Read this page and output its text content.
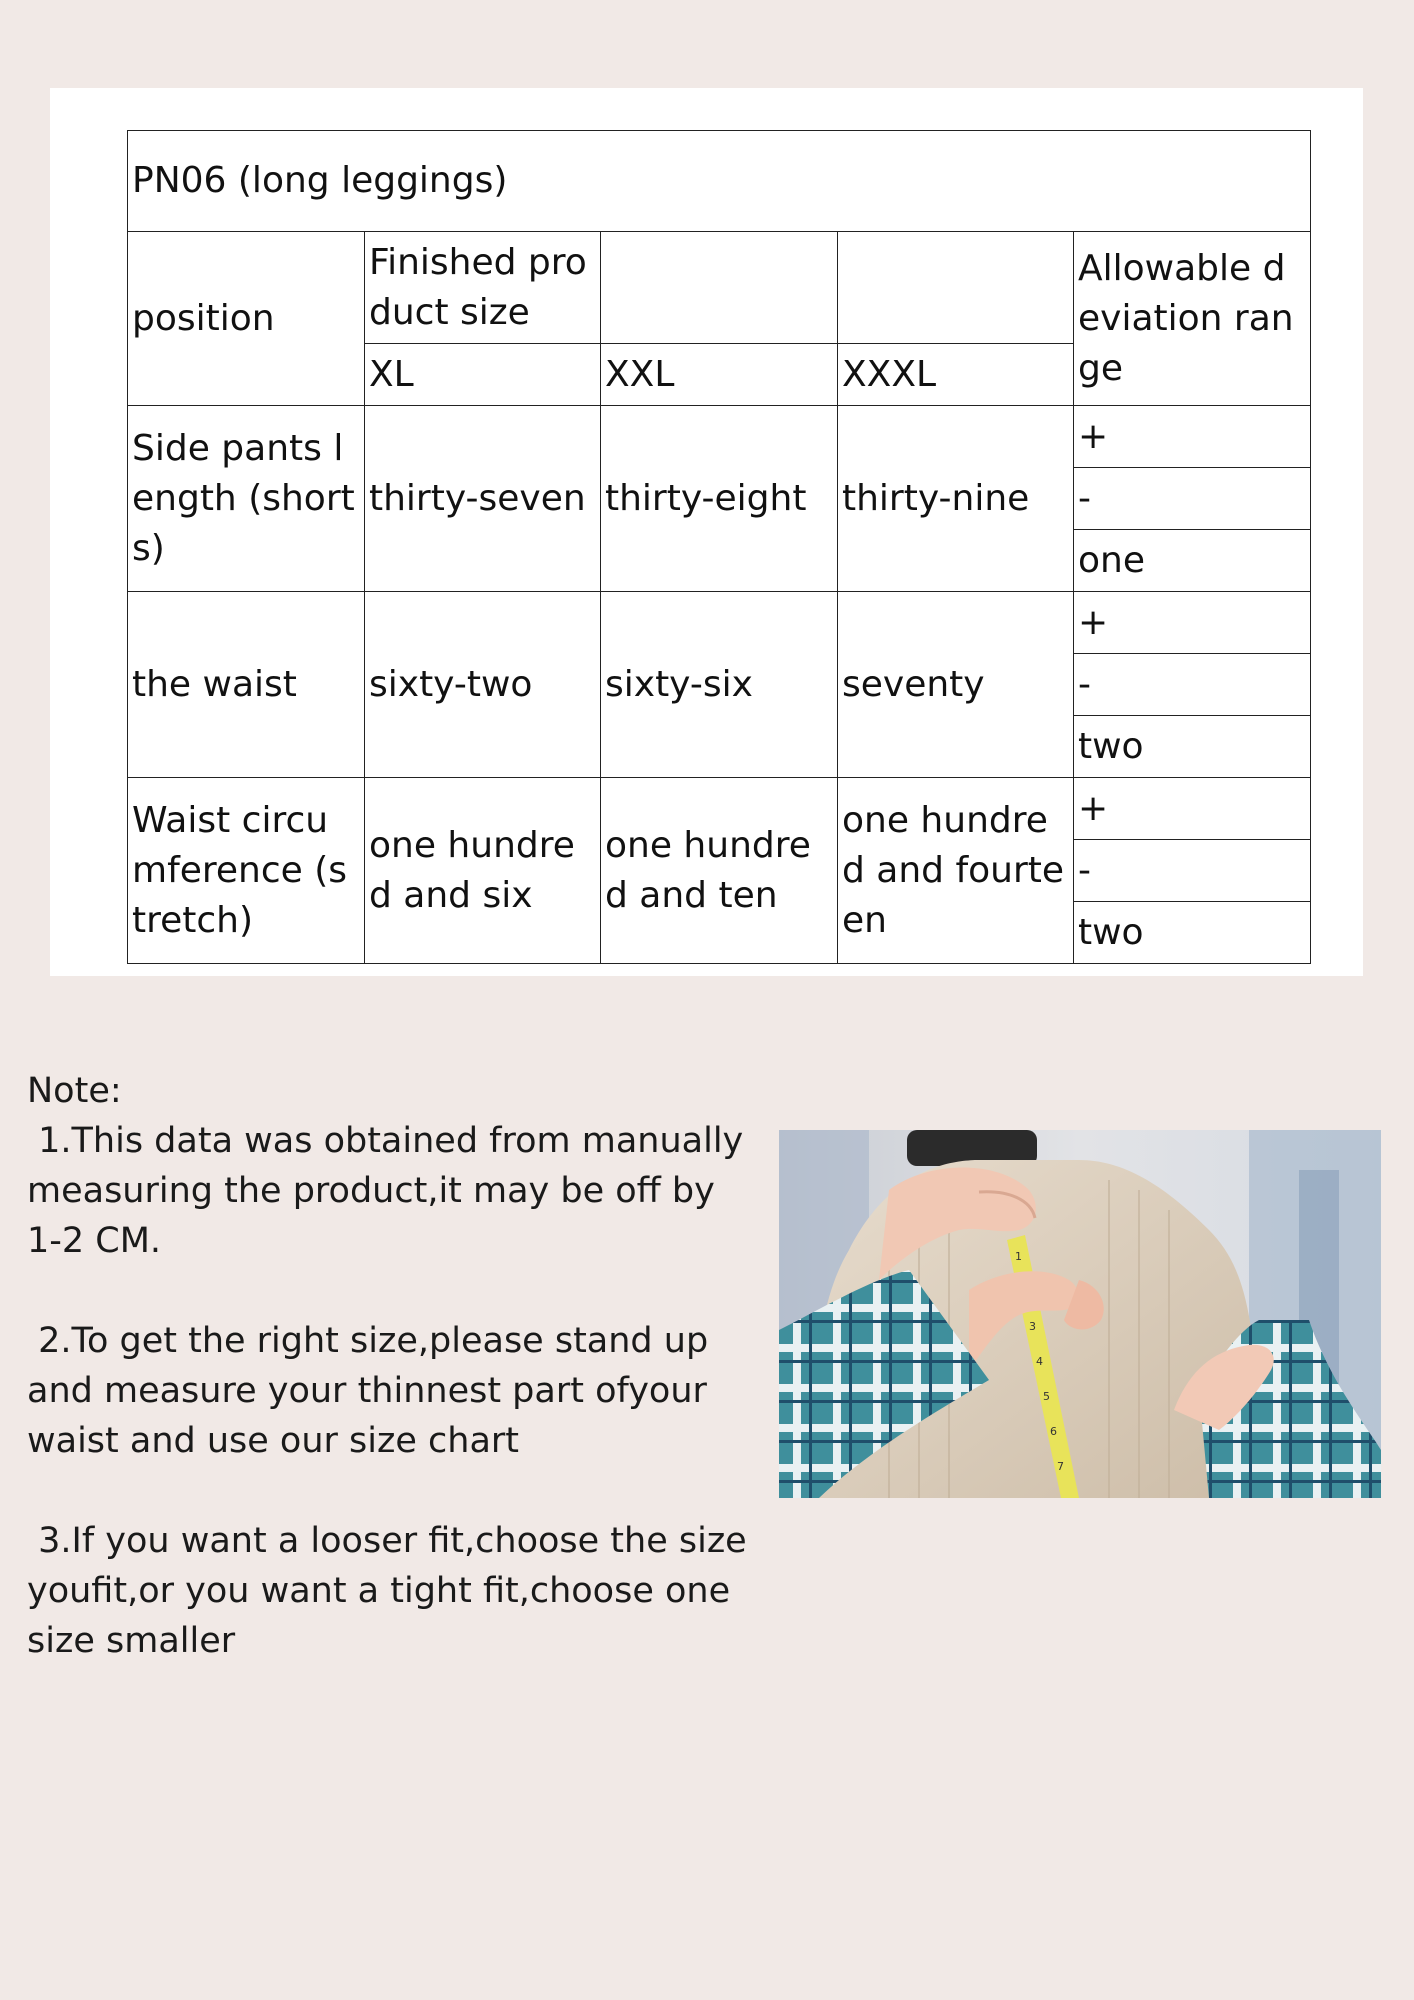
PN06 (long leggings)				
position	Finished product size			Allowable deviation range
	XL	XXL	XXXL	
Side pants length (shorts)	thirty-seven	thirty-eight	thirty-nine	+
				-
				one
the waist	sixty-two	sixty-six	seventy	+
				-
				two
Waist circumference (stretch)	one hundred and six	one hundred and ten	one hundred and fourteen	+
				-
				two

Note:

1.This data was obtained from manually measuring the product,it may be off by 1-2 CM.

2.To get the right size,please stand up and measure your thinnest part ofyour waist and use our size chart

3.If you want a looser fit,choose the size youfit,or you want a tight fit,choose one size smaller

1
3
4
5
6
7
